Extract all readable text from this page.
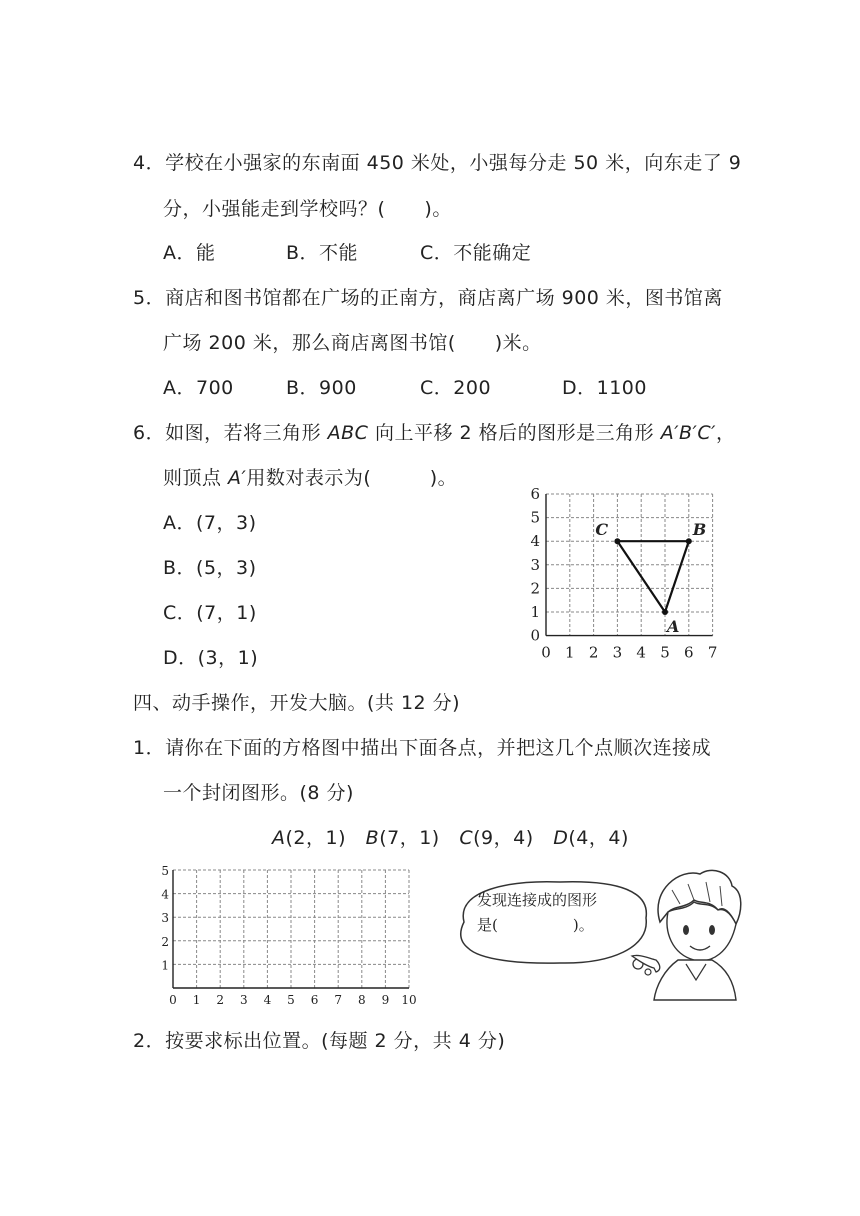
4．学校在小强家的东南面 450 米处，小强每分走 50 米，向东走了 9
分，小强能走到学校吗？(　　)。
A．能	B．不能	C．不能确定
5．商店和图书馆都在广场的正南方，商店离广场 900 米，图书馆离
广场 200 米，那么商店离图书馆(　　)米。
A．700	B．900	C．200	D．1100
6．如图，若将三角形 ABC 向上平移 2 格后的图形是三角形 A′B′C′，
则顶点 A′用数对表示为(　　　)。
A．(7，3)
B．(5，3)
C．(7，1)
D．(3，1)	0 1 2 3 4 5 6 7
0
1
2
3
4
5
6
A
B
C
四、动手操作，开发大脑。(共 12 分)
1．请你在下面的方格图中描出下面各点，并把这几个点顺次连接成
一个封闭图形。(8 分)
A(2，1) B(7，1) C(9，4) D(4，4)
0 1 2 3 4 5 6 7 8 9 10
1
2
3
4
5
发现连接成的图形
是(　　　　　)。
2．按要求标出位置。(每题 2 分，共 4 分)
